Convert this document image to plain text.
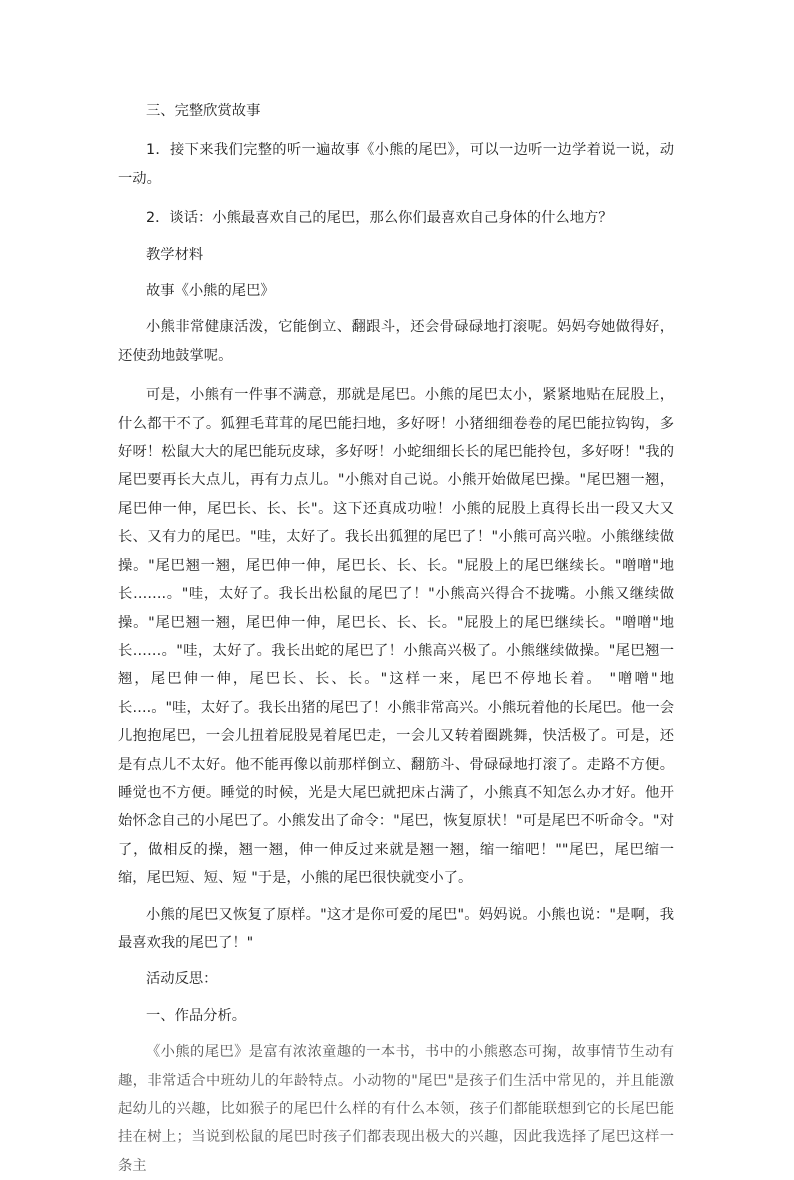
三、完整欣赏故事

1．接下来我们完整的听一遍故事《小熊的尾巴》，可以一边听一边学着说一说，动一动。

2．谈话：小熊最喜欢自己的尾巴，那么你们最喜欢自己身体的什么地方？

教学材料

故事《小熊的尾巴》

小熊非常健康活泼，它能倒立、翻跟斗，还会骨碌碌地打滚呢。妈妈夸她做得好，还使劲地鼓掌呢。

可是，小熊有一件事不满意，那就是尾巴。小熊的尾巴太小，紧紧地贴在屁股上，什么都干不了。狐狸毛茸茸的尾巴能扫地，多好呀！小猪细细卷卷的尾巴能拉钩钩，多好呀！松鼠大大的尾巴能玩皮球，多好呀！小蛇细细长长的尾巴能拎包，多好呀！"我的尾巴要再长大点儿，再有力点儿。"小熊对自己说。小熊开始做尾巴操。"尾巴翘一翘，尾巴伸一伸，尾巴长、长、长"。这下还真成功啦！小熊的屁股上真得长出一段又大又长、又有力的尾巴。"哇，太好了。我长出狐狸的尾巴了！"小熊可高兴啦。小熊继续做操。"尾巴翘一翘，尾巴伸一伸，尾巴长、长、长。"屁股上的尾巴继续长。"噌噌"地长…….。"哇，太好了。我长出松鼠的尾巴了！"小熊高兴得合不拢嘴。小熊又继续做操。"尾巴翘一翘，尾巴伸一伸，尾巴长、长、长。"屁股上的尾巴继续长。"噌噌"地长……。"哇，太好了。我长出蛇的尾巴了！小熊高兴极了。小熊继续做操。"尾巴翘一翘，尾巴伸一伸，尾巴长、长、长。"这样一来，尾巴不停地长着。 "噌噌"地长….。"哇，太好了。我长出猪的尾巴了！小熊非常高兴。小熊玩着他的长尾巴。他一会儿抱抱尾巴，一会儿扭着屁股晃着尾巴走，一会儿又转着圈跳舞，快活极了。可是，还是有点儿不太好。他不能再像以前那样倒立、翻筋斗、骨碌碌地打滚了。走路不方便。睡觉也不方便。睡觉的时候，光是大尾巴就把床占满了，小熊真不知怎么办才好。他开始怀念自己的小尾巴了。小熊发出了命令："尾巴，恢复原状！"可是尾巴不听命令。"对了，做相反的操，翘一翘，伸一伸反过来就是翘一翘，缩一缩吧！""尾巴，尾巴缩一缩，尾巴短、短、短 "于是，小熊的尾巴很快就变小了。

小熊的尾巴又恢复了原样。"这才是你可爱的尾巴"。妈妈说。小熊也说："是啊，我最喜欢我的尾巴了！"

活动反思：

一、作品分析。

《小熊的尾巴》是富有浓浓童趣的一本书，书中的小熊憨态可掬，故事情节生动有趣，非常适合中班幼儿的年龄特点。小动物的"尾巴"是孩子们生活中常见的，并且能激起幼儿的兴趣，比如猴子的尾巴什么样的有什么本领，孩子们都能联想到它的长尾巴能挂在树上；当说到松鼠的尾巴时孩子们都表现出极大的兴趣，因此我选择了尾巴这样一条主
